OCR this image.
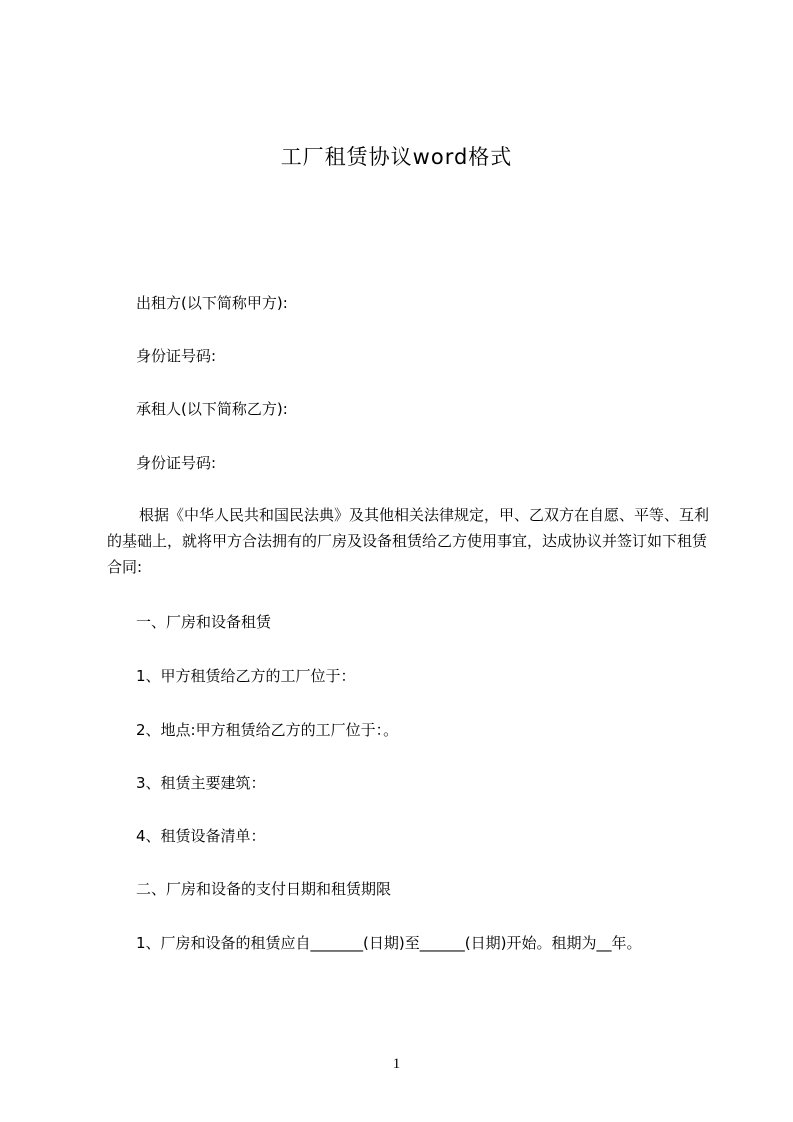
工厂租赁协议word格式
出租方(以下简称甲方):
身份证号码:
承租人(以下简称乙方):
身份证号码:
根据《中华人民共和国民法典》及其他相关法律规定，甲、乙双方在自愿、平等、互利的基础上，就将甲方合法拥有的厂房及设备租赁给乙方使用事宜，达成协议并签订如下租赁合同:
一、厂房和设备租赁
1、甲方租赁给乙方的工厂位于：
2、地点:甲方租赁给乙方的工厂位于：。
3、租赁主要建筑：
4、租赁设备清单：
二、厂房和设备的支付日期和租赁期限
1、厂房和设备的租赁应自_______(日期)至______(日期)开始。租期为__年。
1
